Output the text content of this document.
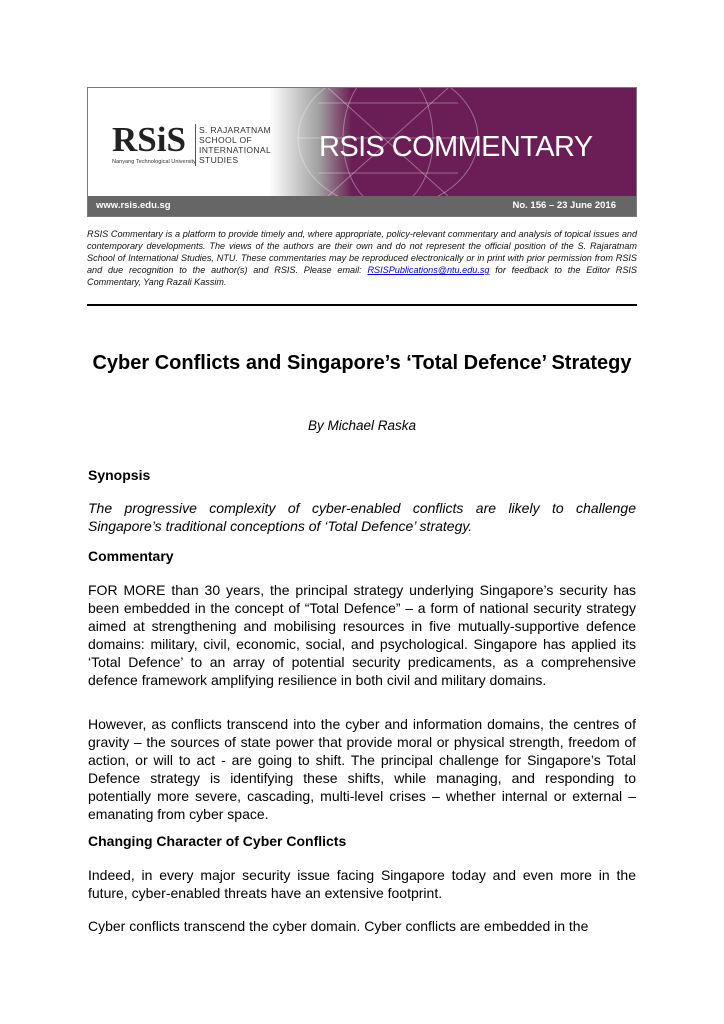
RSiS S. RAJARATNAM
SCHOOL OF
INTERNATIONAL
STUDIES
Nanyang Technological University	RSIS COMMENTARY
www.rsis.edu.sg	No. 156 – 23 June 2016
RSIS Commentary is a platform to provide timely and, where appropriate, policy-relevant commentary and analysis of topical issues and contemporary developments. The views of the authors are their own and do not represent the official position of the S. Rajaratnam School of International Studies, NTU. These commentaries may be reproduced electronically or in print with prior permission from RSIS and due recognition to the author(s) and RSIS. Please email: RSISPublications@ntu.edu.sg for feedback to the Editor RSIS Commentary, Yang Razali Kassim.
Cyber Conflicts and Singapore’s ‘Total Defence’ Strategy
By Michael Raska
Synopsis
The progressive complexity of cyber-enabled conflicts are likely to challenge Singapore’s traditional conceptions of ‘Total Defence’ strategy.
Commentary
FOR MORE than 30 years, the principal strategy underlying Singapore’s security has been embedded in the concept of “Total Defence” – a form of national security strategy aimed at strengthening and mobilising resources in five mutually-supportive defence domains: military, civil, economic, social, and psychological. Singapore has applied its ‘Total Defence’ to an array of potential security predicaments, as a comprehensive defence framework amplifying resilience in both civil and military domains.
However, as conflicts transcend into the cyber and information domains, the centres of gravity – the sources of state power that provide moral or physical strength, freedom of action, or will to act - are going to shift. The principal challenge for Singapore’s Total Defence strategy is identifying these shifts, while managing, and responding to potentially more severe, cascading, multi-level crises – whether internal or external – emanating from cyber space.
Changing Character of Cyber Conflicts
Indeed, in every major security issue facing Singapore today and even more in the future, cyber-enabled threats have an extensive footprint.
Cyber conflicts transcend the cyber domain. Cyber conflicts are embedded in the
